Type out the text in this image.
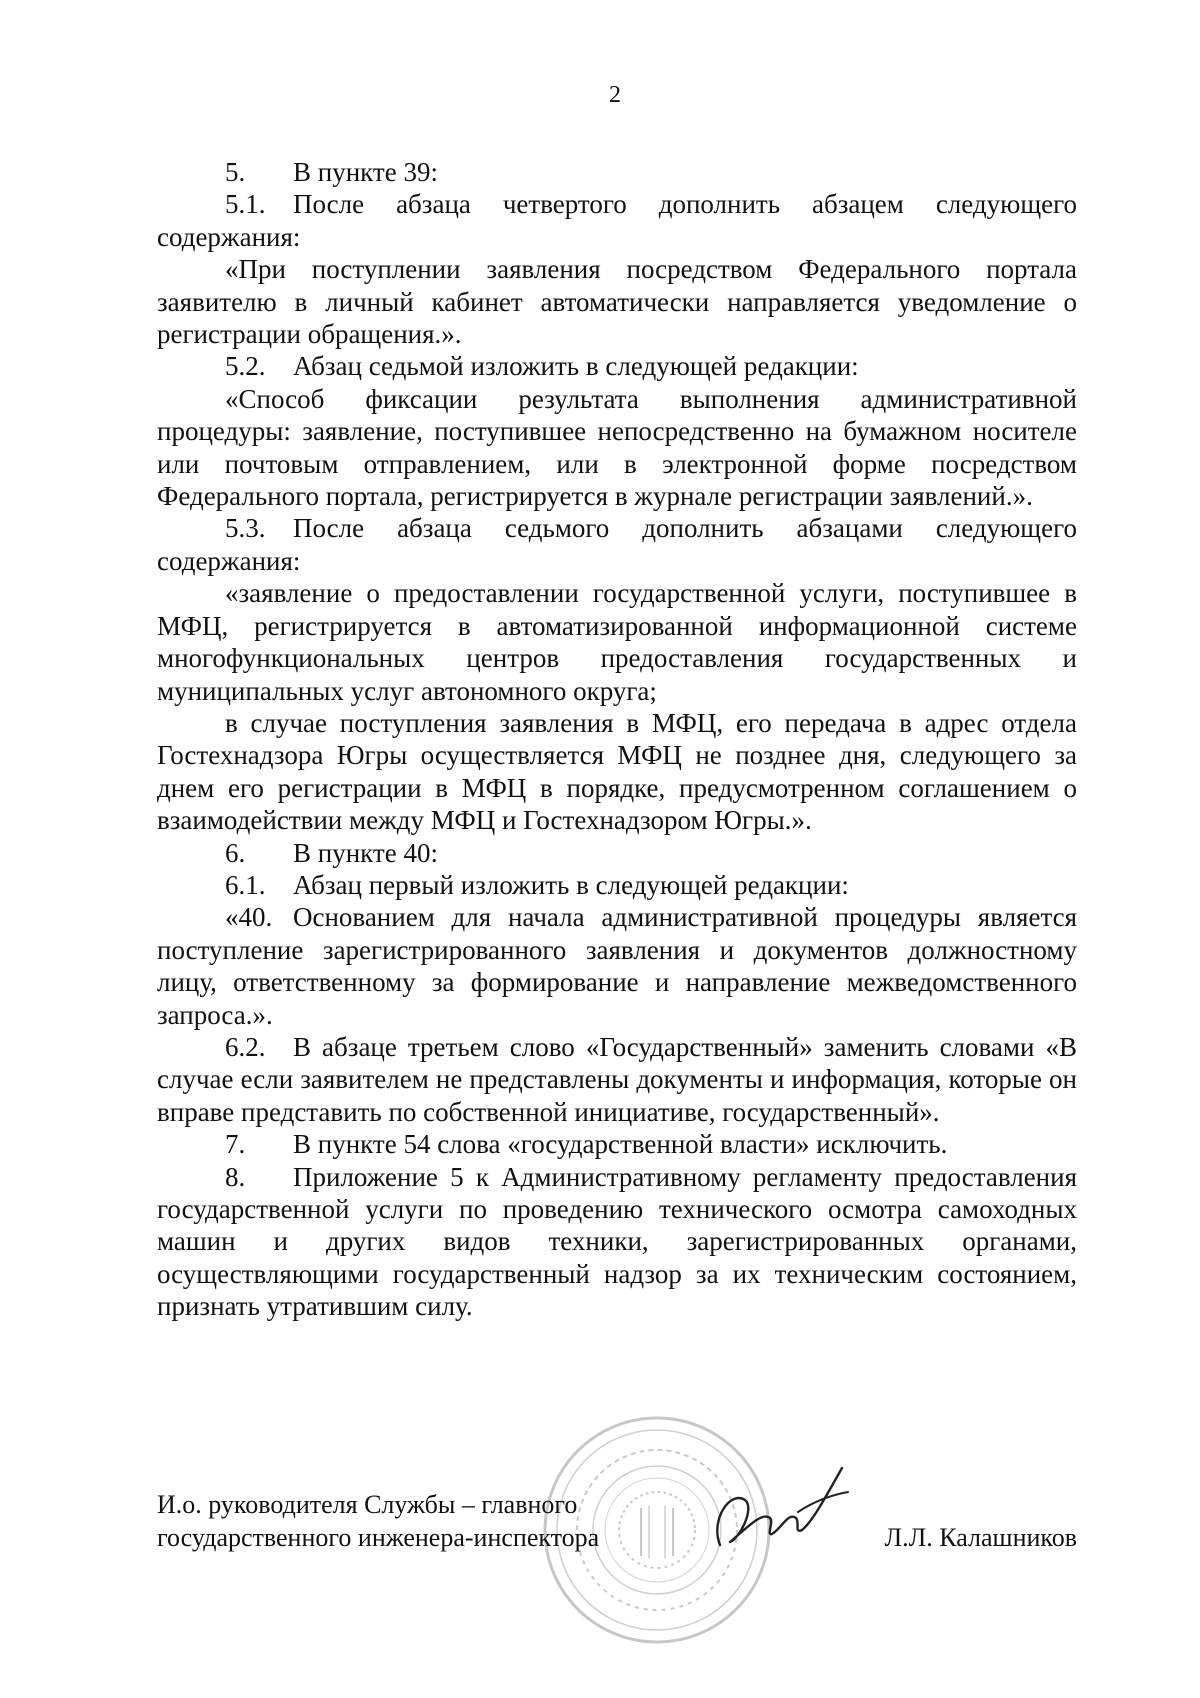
2

5. В пункте 39:

5.1. После абзаца четвертого дополнить абзацем следующего содержания:

«При поступлении заявления посредством Федерального портала заявителю в личный кабинет автоматически направляется уведомление о регистрации обращения.».

5.2. Абзац седьмой изложить в следующей редакции:

«Способ фиксации результата выполнения административной процедуры: заявление, поступившее непосредственно на бумажном носителе или почтовым отправлением, или в электронной форме посредством Федерального портала, регистрируется в журнале регистрации заявлений.».

5.3. После абзаца седьмого дополнить абзацами следующего содержания:

«заявление о предоставлении государственной услуги, поступившее в МФЦ, регистрируется в автоматизированной информационной системе многофункциональных центров предоставления государственных и муниципальных услуг автономного округа;

в случае поступления заявления в МФЦ, его передача в адрес отдела Гостехнадзора Югры осуществляется МФЦ не позднее дня, следующего за днем его регистрации в МФЦ в порядке, предусмотренном соглашением о взаимодействии между МФЦ и Гостехнадзором Югры.».

6. В пункте 40:

6.1. Абзац первый изложить в следующей редакции:

«40. Основанием для начала административной процедуры является поступление зарегистрированного заявления и документов должностному лицу, ответственному за формирование и направление межведомственного запроса.».

6.2. В абзаце третьем слово «Государственный» заменить словами «В случае если заявителем не представлены документы и информация, которые он вправе представить по собственной инициативе, государственный».

7. В пункте 54 слова «государственной власти» исключить.

8. Приложение 5 к Административному регламенту предоставления государственной услуги по проведению технического осмотра самоходных машин и других видов техники, зарегистрированных органами, осуществляющими государственный надзор за их техническим состоянием, признать утратившим силу.

И.о. руководителя Службы – главного
государственного инженера-инспектора	Л.Л. Калашников
